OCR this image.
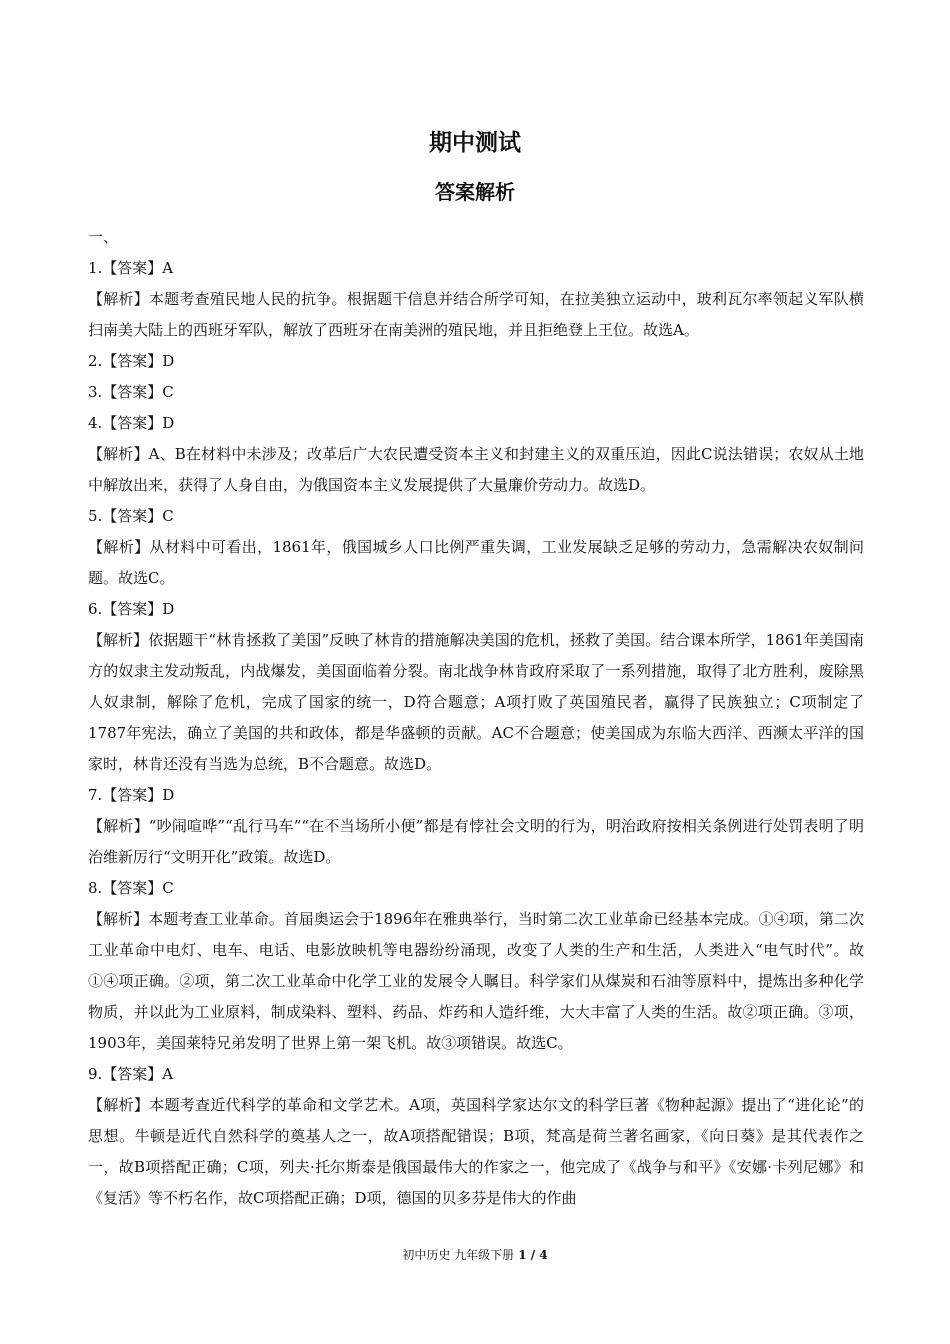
期中测试
答案解析
一、
1.【答案】A
【解析】本题考查殖民地人民的抗争。根据题干信息并结合所学可知，在拉美独立运动中，玻利瓦尔率领起义军队横扫南美大陆上的西班牙军队，解放了西班牙在南美洲的殖民地，并且拒绝登上王位。故选A。
2.【答案】D
3.【答案】C
4.【答案】D
【解析】A、B在材料中未涉及；改革后广大农民遭受资本主义和封建主义的双重压迫，因此C说法错误；农奴从土地中解放出来，获得了人身自由，为俄国资本主义发展提供了大量廉价劳动力。故选D。
5.【答案】C
【解析】从材料中可看出，1861年，俄国城乡人口比例严重失调，工业发展缺乏足够的劳动力，急需解决农奴制问题。故选C。
6.【答案】D
【解析】依据题干“林肯拯救了美国”反映了林肯的措施解决美国的危机，拯救了美国。结合课本所学，1861年美国南方的奴隶主发动叛乱，内战爆发，美国面临着分裂。南北战争林肯政府采取了一系列措施，取得了北方胜利，废除黑人奴隶制，解除了危机，完成了国家的统一，D符合题意；A项打败了英国殖民者，赢得了民族独立；C项制定了1787年宪法，确立了美国的共和政体，都是华盛顿的贡献。AC不合题意；使美国成为东临大西洋、西濒太平洋的国家时，林肯还没有当选为总统，B不合题意。故选D。
7.【答案】D
【解析】“吵闹喧哗”“乱行马车”“在不当场所小便”都是有悖社会文明的行为，明治政府按相关条例进行处罚表明了明治维新厉行“文明开化”政策。故选D。
8.【答案】C
【解析】本题考查工业革命。首届奥运会于1896年在雅典举行，当时第二次工业革命已经基本完成。①④项，第二次工业革命中电灯、电车、电话、电影放映机等电器纷纷涌现，改变了人类的生产和生活，人类进入“电气时代”。故①④项正确。②项，第二次工业革命中化学工业的发展令人瞩目。科学家们从煤炭和石油等原料中，提炼出多种化学物质，并以此为工业原料，制成染料、塑料、药品、炸药和人造纤维，大大丰富了人类的生活。故②项正确。③项，1903年，美国莱特兄弟发明了世界上第一架飞机。故③项错误。故选C。
9.【答案】A
【解析】本题考查近代科学的革命和文学艺术。A项，英国科学家达尔文的科学巨著《物种起源》提出了“进化论”的思想。牛顿是近代自然科学的奠基人之一，故A项搭配错误；B项，梵高是荷兰著名画家，《向日葵》是其代表作之一，故B项搭配正确；C项，列夫·托尔斯泰是俄国最伟大的作家之一，他完成了《战争与和平》《安娜·卡列尼娜》和《复活》等不朽名作，故C项搭配正确；D项，德国的贝多芬是伟大的作曲
初中历史 九年级下册 1 / 4
